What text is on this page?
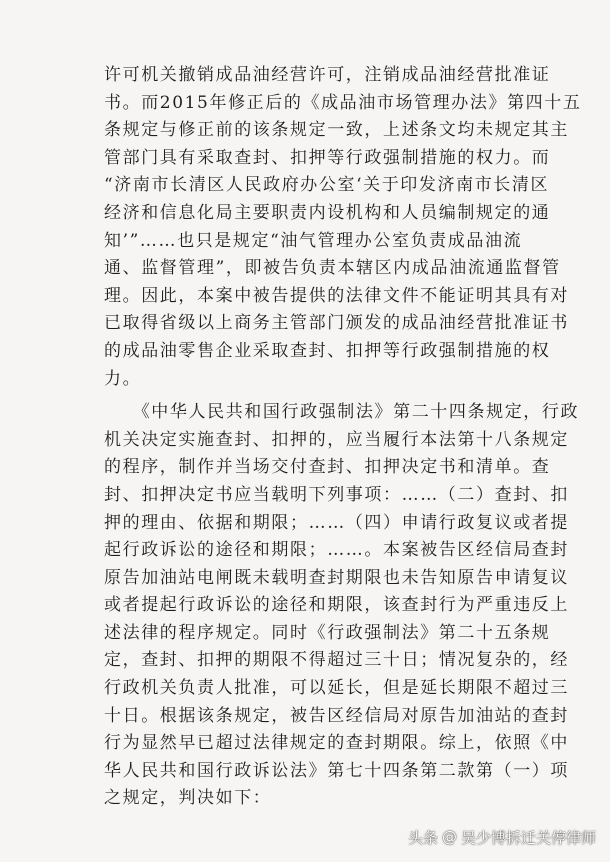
许可机关撤销成品油经营许可，注销成品油经营批准证
书。而2015年修正后的《成品油市场管理办法》第四十五
条规定与修正前的该条规定一致，上述条文均未规定其主
管部门具有采取查封、扣押等行政强制措施的权力。而
“济南市长清区人民政府办公室‘关于印发济南市长清区
经济和信息化局主要职责内设机构和人员编制规定的通
知’”……也只是规定“油气管理办公室负责成品油流
通、监督管理”，即被告负责本辖区内成品油流通监督管
理。因此，本案中被告提供的法律文件不能证明其具有对
已取得省级以上商务主管部门颁发的成品油经营批准证书
的成品油零售企业采取查封、扣押等行政强制措施的权
力。
　　《中华人民共和国行政强制法》第二十四条规定，行政
机关决定实施查封、扣押的，应当履行本法第十八条规定
的程序，制作并当场交付查封、扣押决定书和清单。查
封、扣押决定书应当载明下列事项：……（二）查封、扣
押的理由、依据和期限；……（四）申请行政复议或者提
起行政诉讼的途径和期限；……。本案被告区经信局查封
原告加油站电闸既未载明查封期限也未告知原告申请复议
或者提起行政诉讼的途径和期限，该查封行为严重违反上
述法律的程序规定。同时《行政强制法》第二十五条规
定，查封、扣押的期限不得超过三十日；情况复杂的，经
行政机关负责人批准，可以延长，但是延长期限不超过三
十日。根据该条规定，被告区经信局对原告加油站的查封
行为显然早已超过法律规定的查封期限。综上，依照《中
华人民共和国行政诉讼法》第七十四条第二款第（一）项
之规定，判决如下：
头条 @ 吴少博拆迁关停律师
